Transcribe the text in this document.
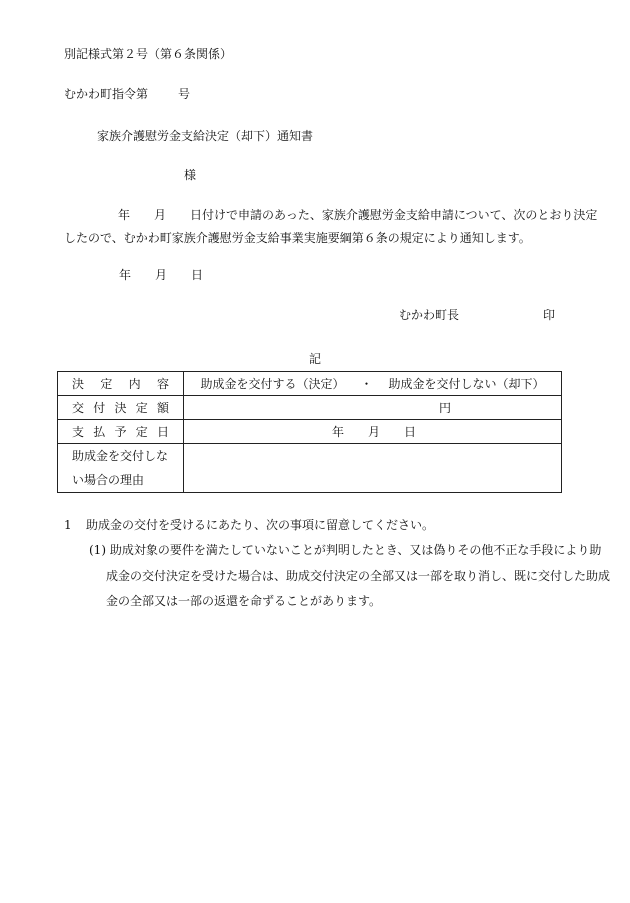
別記様式第２号（第６条関係）
むかわ町指令第	号
家族介護慰労金支給決定（却下）通知書
様
年 月 日付けで申請のあった、家族介護慰労金支給申請について、次のとおり決定
したので、むかわ町家族介護慰労金支給事業実施要綱第６条の規定により通知します。
年 月 日
むかわ町長	印
記
決　定　内　容	助成金を交付する（決定） ・ 助成金を交付しない（却下）
交付決定額	円
支払予定日	年 月 日

助成金を交付しな
い場合の理由	

1 助成金の交付を受けるにあたり、次の事項に留意してください。
(1) 助成対象の要件を満たしていないことが判明したとき、又は偽りその他不正な手段により助
成金の交付決定を受けた場合は、助成交付決定の全部又は一部を取り消し、既に交付した助成
金の全部又は一部の返還を命ずることがあります。
